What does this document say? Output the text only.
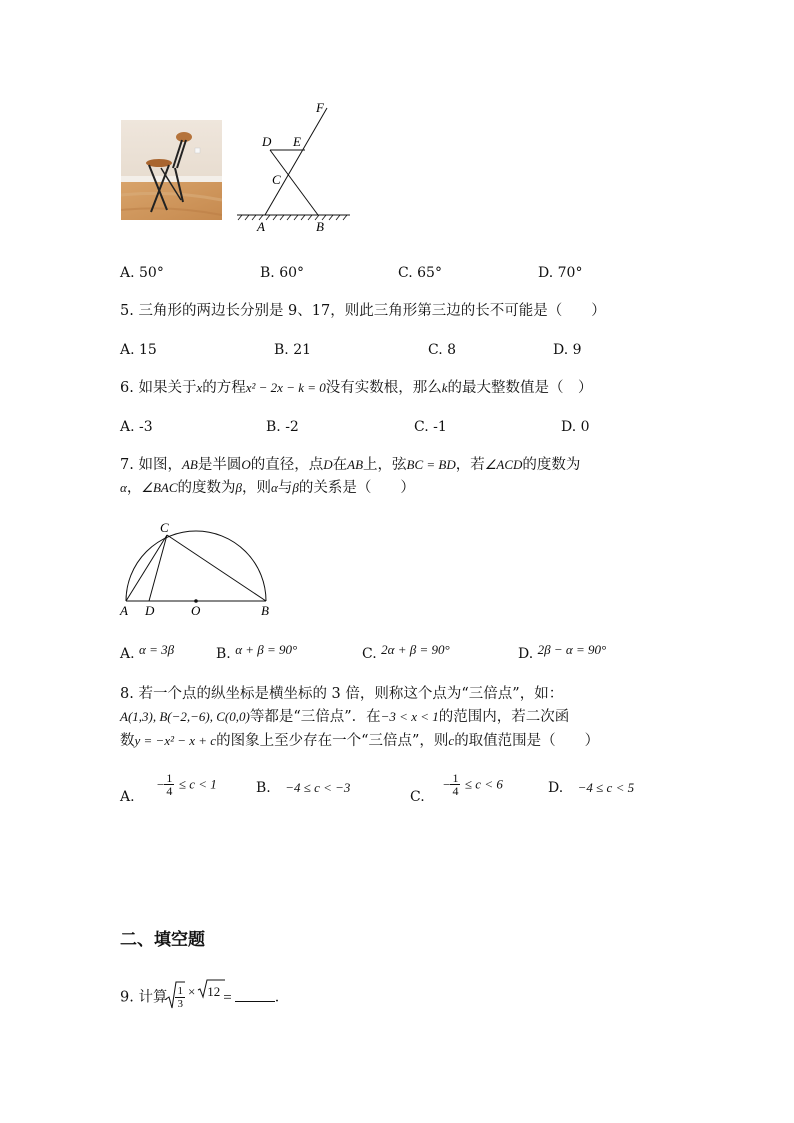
F
D E
C
A	B
A. 50°	B. 60°	C. 65°	D. 70°
5. 三角形的两边长分别是 9、17，则此三角形第三边的长不可能是（　　）
A. 15	B. 21	C. 8	D. 9
6. 如果关于x的方程x² − 2x − k = 0没有实数根，那么k的最大整数值是（　）
A. -3	B. -2	C. -1	D. 0
7. 如图，AB是半圆O的直径，点D在AB上，弦BC = BD，若∠ACD的度数为
α，∠BAC的度数为β，则α与β的关系是（　　）
C
A D	O	B
A. α = 3β	B. α + β = 90°	C. 2α + β = 90°	D. 2β − α = 90°
8. 若一个点的纵坐标是横坐标的 3 倍，则称这个点为“三倍点”，如：
A(1,3), B(−2,−6), C(0,0)等都是“三倍点”．在−3 < x < 1的范围内，若二次函
数y = −x² − x + c的图象上至少存在一个“三倍点”，则c的取值范围是（　　）
A. − $\frac{1}{4} \le c < 1$	B. −4 ≤ c < −3
C. − $\frac{1}{4} \le c < 6$	D. −4 ≤ c < 5
二、填空题
9. 计算 $\frac{1}{3} \times 12$ =	．
